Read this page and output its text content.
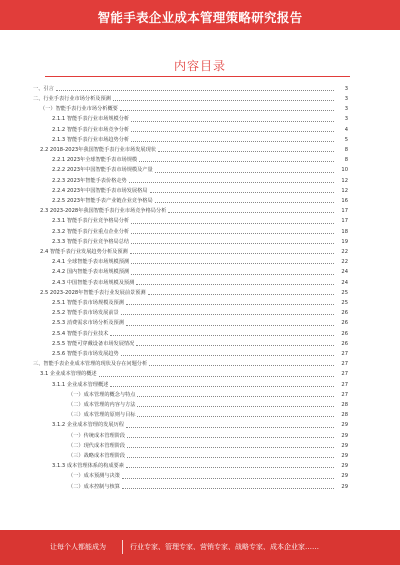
智能手表企业成本管理策略研究报告
内容目录
一、引言	3
二、行业手表行业市场分析及预测	3
（一）智能手表行业市场分析概要	3
2.1.1 智能手表行业市场规模分析	3
2.1.2 智能手表行业市场竞争分析	4
2.1.3 智能手表行业市场趋势分析	5
2.2 2018-2023年我国智能手表行业市场发展现状	8
2.2.1 2023年全球智能手表市场规模	8
2.2.2 2023年中国智能手表市场规模及产量	10
2.2.3 2023年智能手表价格走势	12
2.2.4 2023年中国智能手表市场发展格局	12
2.2.5 2023年智能手表产业链企业竞争格局	16
2.3 2023-2028年我国智能手表行业市场竞争格局分析	17
2.3.1 智能手表行业竞争格局分析	17
2.3.2 智能手表行业重点企业分析	18
2.3.3 智能手表行业竞争格局总结	19
2.4 智能手表行业发展趋势分析及预测	22
2.4.1 全球智能手表市场规模预测	22
2.4.2 国内智能手表市场规模预测	24
2.4.3 中国智能手表市场规模及预测	24
2.5 2023-2028年智能手表行业发展前景预测	25
2.5.1 智能手表市场规模及预测	25
2.5.2 智能手表市场发展前景	26
2.5.3 消费需求市场分析及预测	26
2.5.4 智能手表行业技术	26
2.5.5 智能可穿戴设备市场发展情况	26
2.5.6 智能手表市场发展趋势	27
三、智能手表企业成本管理的现状及存在问题分析	27
3.1 企业成本管理的概述	27
3.1.1 企业成本管理概述	27
（一）成本管理的概念与特点	27
（二）成本管理的内容与方法	28
（三）成本管理的原则与目标	28
3.1.2 企业成本管理的发展历程	29
（一）传统成本管理阶段	29
（二）现代成本管理阶段	29
（三）战略成本管理阶段	29
3.1.3 成本管理体系的构成要素	29
（一）成本预测与决策	29
（二）成本控制与核算	29
让每个人都能成为	行业专家、管理专家、营销专家、战略专家、成本企业家……
